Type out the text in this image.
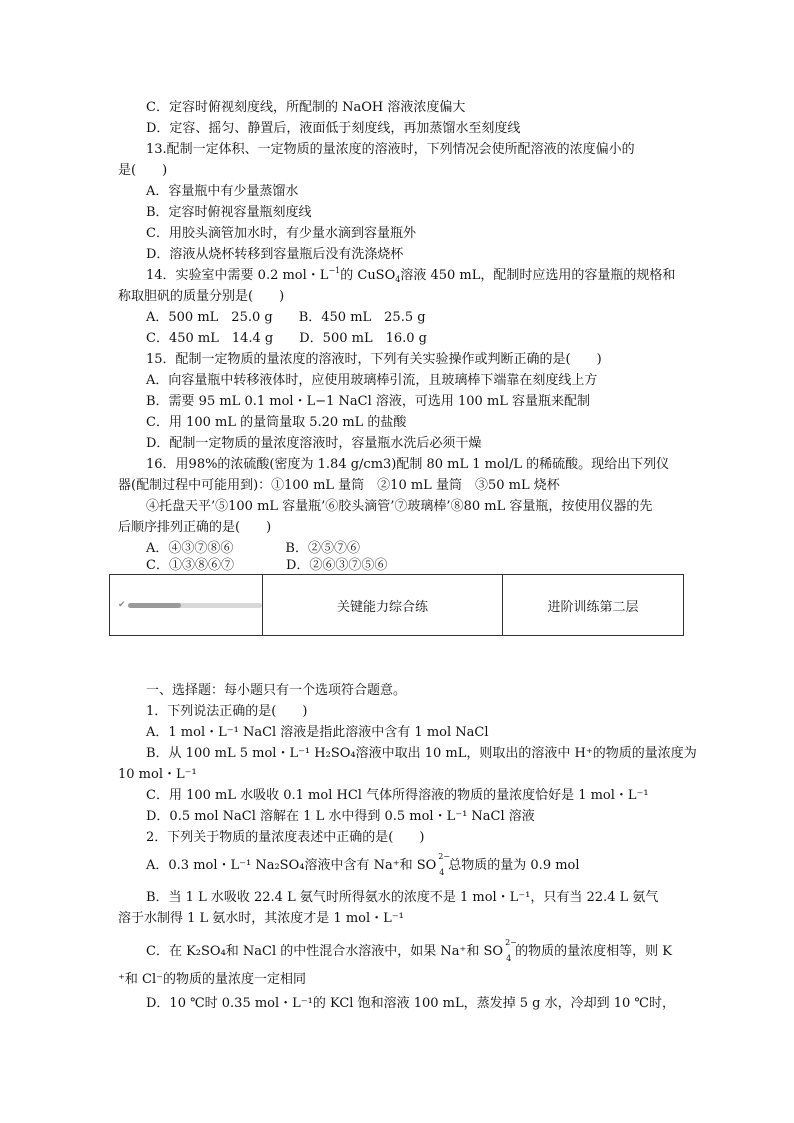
C．定容时俯视刻度线，所配制的 NaOH 溶液浓度偏大
D．定容、摇匀、静置后，液面低于刻度线，再加蒸馏水至刻度线
13.配制一定体积、一定物质的量浓度的溶液时，下列情况会使所配溶液的浓度偏小的
是(　　)
A．容量瓶中有少量蒸馏水
B．定容时俯视容量瓶刻度线
C．用胶头滴管加水时，有少量水滴到容量瓶外
D．溶液从烧杯转移到容量瓶后没有洗涤烧杯
14．实验室中需要 0.2 mol・$L^{-1}$的 CuSO$_4$溶液 450 mL，配制时应选用的容量瓶的规格和
称取胆矾的质量分别是(　　)
A．500 mL　25.0 g　　B．450 mL　25.5 g
C．450 mL　14.4 g　　D．500 mL　16.0 g
15．配制一定物质的量浓度的溶液时，下列有关实验操作或判断正确的是(　　)
A．向容量瓶中转移液体时，应使用玻璃棒引流，且玻璃棒下端靠在刻度线上方
B．需要 95 mL 0.1 mol・L−1 NaCl 溶液，可选用 100 mL 容量瓶来配制
C．用 100 mL 的量筒量取 5.20 mL 的盐酸
D．配制一定物质的量浓度溶液时，容量瓶水洗后必须干燥
16．用98%的浓硫酸(密度为 1.84 g/cm3)配制 80 mL 1 mol/L 的稀硫酸。现给出下列仪
器(配制过程中可能用到)：①100 mL 量筒　②10 mL 量筒　③50 mL 烧杯
④托盘天平’⑤100 mL 容量瓶’⑥胶头滴管’⑦玻璃棒’⑧80 mL 容量瓶，按使用仪器的先
后顺序排列正确的是(　　)
A．④③⑦⑧⑥　　　　B．②⑤⑦⑥
C．①③⑧⑥⑦　　　　D．②⑥③⑦⑤⑥
✔	关键能力综合练	进阶训练第二层
一、选择题：每小题只有一个选项符合题意。
1．下列说法正确的是(　　)
A．1 mol・L⁻¹ NaCl 溶液是指此溶液中含有 1 mol NaCl
B．从 100 mL 5 mol・L⁻¹ H₂SO₄溶液中取出 10 mL，则取出的溶液中 H⁺的物质的量浓度为
10 mol・L⁻¹
C．用 100 mL 水吸收 0.1 mol HCl 气体所得溶液的物质的量浓度恰好是 1 mol・L⁻¹
D．0.5 mol NaCl 溶解在 1 L 水中得到 0.5 mol・L⁻¹ NaCl 溶液
2．下列关于物质的量浓度表述中正确的是(　　)
A．0.3 mol・L⁻¹ Na₂SO₄溶液中含有 Na⁺和 SO
2−
4 总物质的量为 0.9 mol
B．当 1 L 水吸收 22.4 L 氨气时所得氨水的浓度不是 1 mol・L⁻¹，只有当 22.4 L 氨气
溶于水制得 1 L 氨水时，其浓度才是 1 mol・L⁻¹
C．在 K₂SO₄和 NaCl 的中性混合水溶液中，如果 Na⁺和 SO
2−
4 的物质的量浓度相等，则 K
⁺和 Cl⁻的物质的量浓度一定相同
D．10 ℃时 0.35 mol・L⁻¹的 KCl 饱和溶液 100 mL，蒸发掉 5 g 水，冷却到 10 ℃时，
